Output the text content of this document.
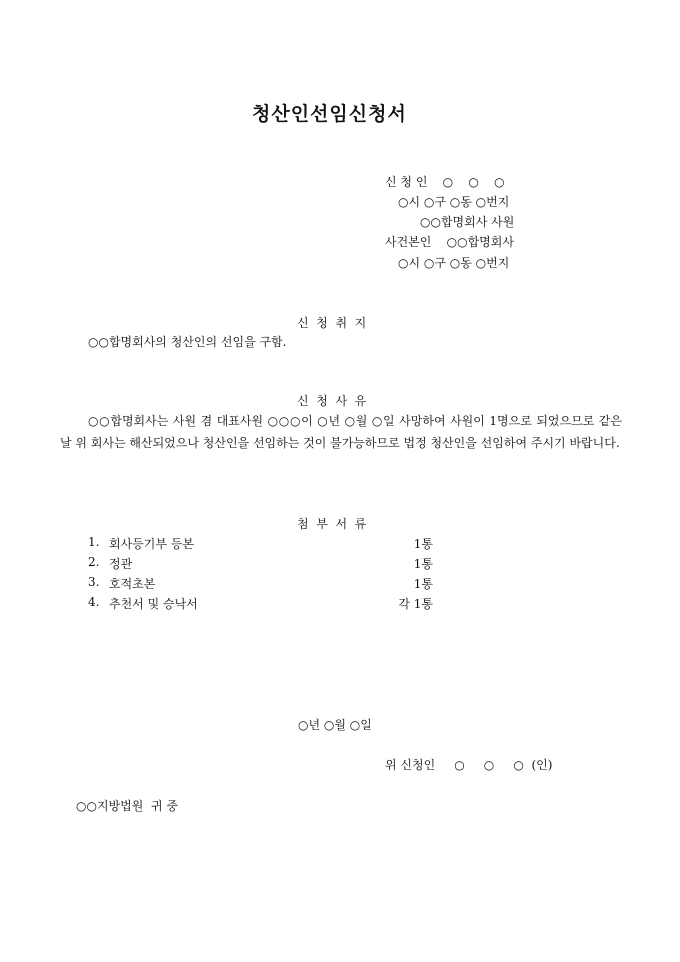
청산인선임신청서
신 청 인    ○    ○    ○
○시 ○구 ○동 ○번지
○○합명회사 사원
사건본인    ○○합명회사
○시 ○구 ○동 ○번지
신  청  취  지
○○합명회사의 청산인의 선임을 구함.
신  청  사  유
○○합명회사는 사원 겸 대표사원 ○○○이 ○년 ○월 ○일 사망하여 사원이 1명으로 되었으므로 같은 날 위 회사는 해산되었으나 청산인을 선임하는 것이 불가능하므로 법정 청산인을 선임하여 주시기 바랍니다.
첨  부  서  류
1. 회사등기부 등본	1통
2. 정관	1통
3. 호적초본	1통
4. 추천서 및 승낙서	각 1통
○년 ○월 ○일
위 신청인     ○     ○     ○  (인)
○○지방법원  귀 중
